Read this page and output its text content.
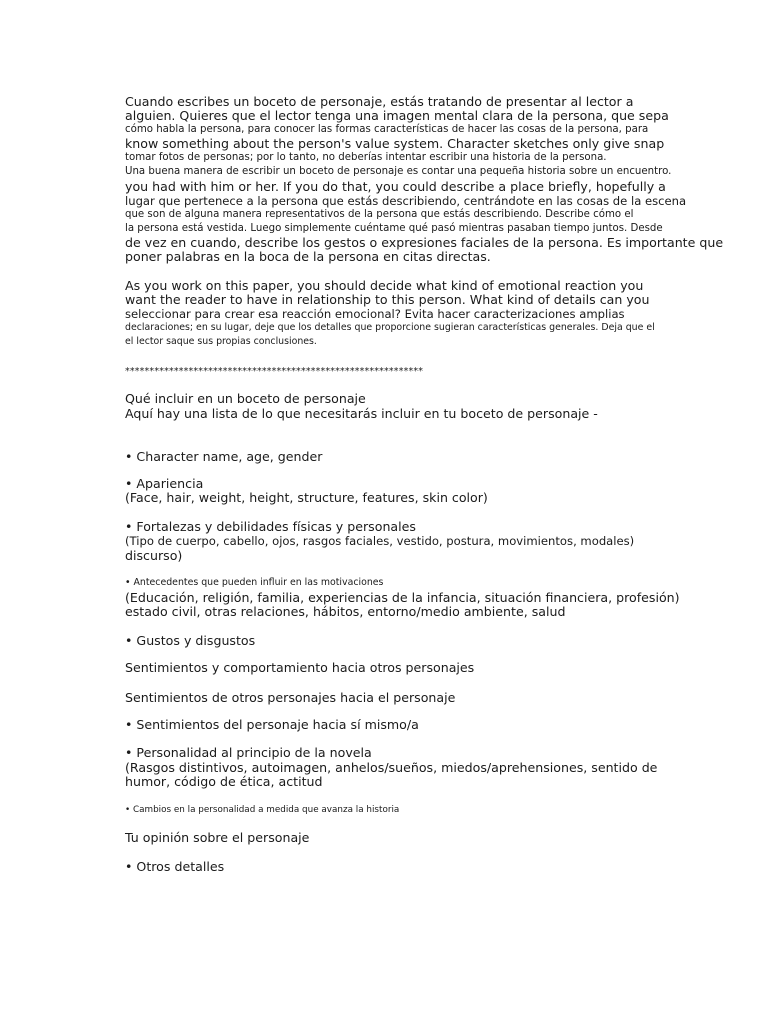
Cuando escribes un boceto de personaje, estás tratando de presentar al lector a
alguien. Quieres que el lector tenga una imagen mental clara de la persona, que sepa
cómo habla la persona, para conocer las formas características de hacer las cosas de la persona, para
know something about the person's value system. Character sketches only give snap
tomar fotos de personas; por lo tanto, no deberías intentar escribir una historia de la persona.
Una buena manera de escribir un boceto de personaje es contar una pequeña historia sobre un encuentro.
you had with him or her. If you do that, you could describe a place briefly, hopefully a
lugar que pertenece a la persona que estás describiendo, centrándote en las cosas de la escena
que son de alguna manera representativos de la persona que estás describiendo. Describe cómo el
la persona está vestida. Luego simplemente cuéntame qué pasó mientras pasaban tiempo juntos. Desde
de vez en cuando, describe los gestos o expresiones faciales de la persona. Es importante que
poner palabras en la boca de la persona en citas directas.
As you work on this paper, you should decide what kind of emotional reaction you
want the reader to have in relationship to this person. What kind of details can you
seleccionar para crear esa reacción emocional? Evita hacer caracterizaciones amplias
declaraciones; en su lugar, deje que los detalles que proporcione sugieran características generales. Deja que el
el lector saque sus propias conclusiones.
*************************************************************
Qué incluir en un boceto de personaje
Aquí hay una lista de lo que necesitarás incluir en tu boceto de personaje -
• Character name, age, gender
• Apariencia
(Face, hair, weight, height, structure, features, skin color)
• Fortalezas y debilidades físicas y personales
(Tipo de cuerpo, cabello, ojos, rasgos faciales, vestido, postura, movimientos, modales)
discurso)
• Antecedentes que pueden influir en las motivaciones
(Educación, religión, familia, experiencias de la infancia, situación financiera, profesión)
estado civil, otras relaciones, hábitos, entorno/medio ambiente, salud
• Gustos y disgustos
Sentimientos y comportamiento hacia otros personajes
Sentimientos de otros personajes hacia el personaje
• Sentimientos del personaje hacia sí mismo/a
• Personalidad al principio de la novela
(Rasgos distintivos, autoimagen, anhelos/sueños, miedos/aprehensiones, sentido de
humor, código de ética, actitud
• Cambios en la personalidad a medida que avanza la historia
Tu opinión sobre el personaje
• Otros detalles
